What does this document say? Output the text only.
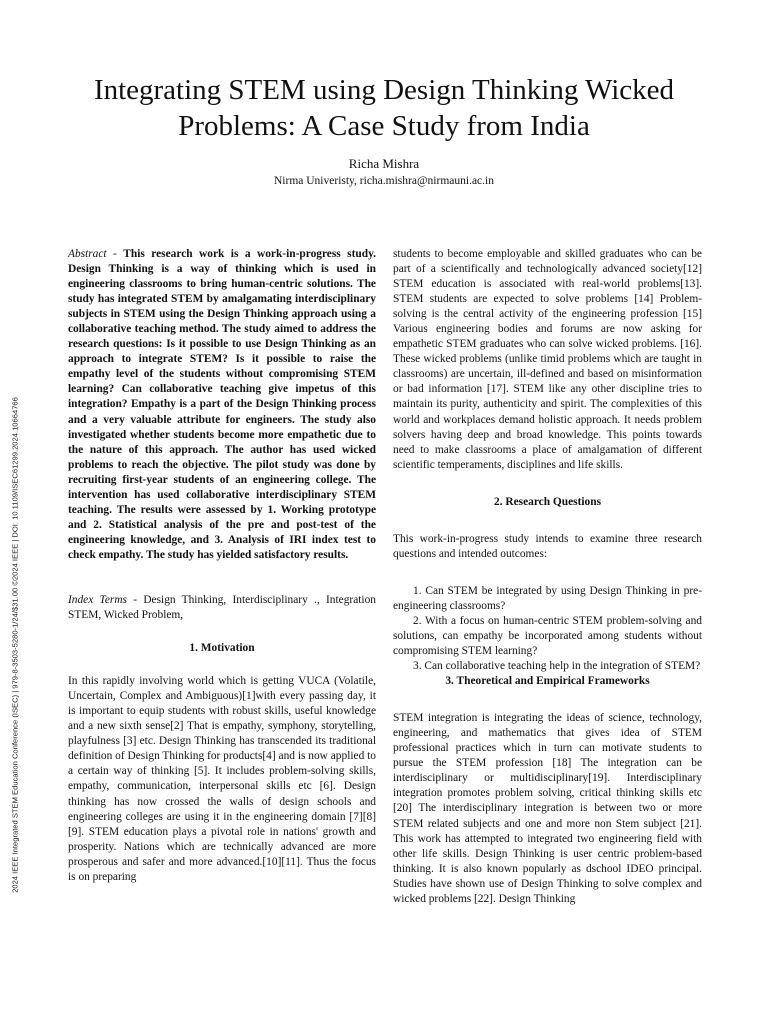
Integrating STEM using Design Thinking Wicked Problems: A Case Study from India
Richa Mishra
Nirma Univeristy, richa.mishra@nirmauni.ac.in
2024 IEEE Integrated STEM Education Conference (ISEC) | 979-8-3503-5280-1/24/$31.00 ©2024 IEEE | DOI: 10.1109/ISEC61299.2024.10664766

Abstract - This research work is a work-in-progress study. Design Thinking is a way of thinking which is used in engineering classrooms to bring human-centric solutions. The study has integrated STEM by amalgamating interdisciplinary subjects in STEM using the Design Thinking approach using a collaborative teaching method. The study aimed to address the research questions: Is it possible to use Design Thinking as an approach to integrate STEM? Is it possible to raise the empathy level of the students without compromising STEM learning? Can collaborative teaching give impetus of this integration? Empathy is a part of the Design Thinking process and a very valuable attribute for engineers. The study also investigated whether students become more empathetic due to the nature of this approach. The author has used wicked problems to reach the objective. The pilot study was done by recruiting first-year students of an engineering college. The intervention has used collaborative interdisciplinary STEM teaching. The results were assessed by 1. Working prototype and 2. Statistical analysis of the pre and post-test of the engineering knowledge, and 3. Analysis of IRI index test to check empathy. The study has yielded satisfactory results.

Index Terms - Design Thinking, Interdisciplinary ., Integration STEM, Wicked Problem,

1. Motivation

In this rapidly involving world which is getting VUCA (Volatile, Uncertain, Complex and Ambiguous)[1]with every passing day, it is important to equip students with robust skills, useful knowledge and a new sixth sense[2] That is empathy, symphony, storytelling, playfulness [3] etc. Design Thinking has transcended its traditional definition of Design Thinking for products[4] and is now applied to a certain way of thinking [5]. It includes problem-solving skills, empathy, communication, interpersonal skills etc [6]. Design thinking has now crossed the walls of design schools and engineering colleges are using it in the engineering domain [7][8][9]. STEM education plays a pivotal role in nations' growth and prosperity. Nations which are technically advanced are more prosperous and safer and more advanced.[10][11]. Thus the focus is on preparing

students to become employable and skilled graduates who can be part of a scientifically and technologically advanced society[12] STEM education is associated with real-world problems[13]. STEM students are expected to solve problems [14] Problem-solving is the central activity of the engineering profession [15] Various engineering bodies and forums are now asking for empathetic STEM graduates who can solve wicked problems. [16]. These wicked problems (unlike timid problems which are taught in classrooms) are uncertain, ill-defined and based on misinformation or bad information [17]. STEM like any other discipline tries to maintain its purity, authenticity and spirit. The complexities of this world and workplaces demand holistic approach. It needs problem solvers having deep and broad knowledge. This points towards need to make classrooms a place of amalgamation of different scientific temperaments, disciplines and life skills.

2. Research Questions

This work-in-progress study intends to examine three research questions and intended outcomes:

1. Can STEM be integrated by using Design Thinking in pre-engineering classrooms?

2. With a focus on human-centric STEM problem-solving and solutions, can empathy be incorporated among students without compromising STEM learning?

3. Can collaborative teaching help in the integration of STEM?

3. Theoretical and Empirical Frameworks

STEM integration is integrating the ideas of science, technology, engineering, and mathematics that gives idea of STEM professional practices which in turn can motivate students to pursue the STEM profession [18] The integration can be interdisciplinary or multidisciplinary[19]. Interdisciplinary integration promotes problem solving, critical thinking skills etc [20] The interdisciplinary integration is between two or more STEM related subjects and one and more non Stem subject [21]. This work has attempted to integrated two engineering field with other life skills. Design Thinking is user centric problem-based thinking. It is also known popularly as dschool IDEO principal. Studies have shown use of Design Thinking to solve complex and wicked problems [22]. Design Thinking
